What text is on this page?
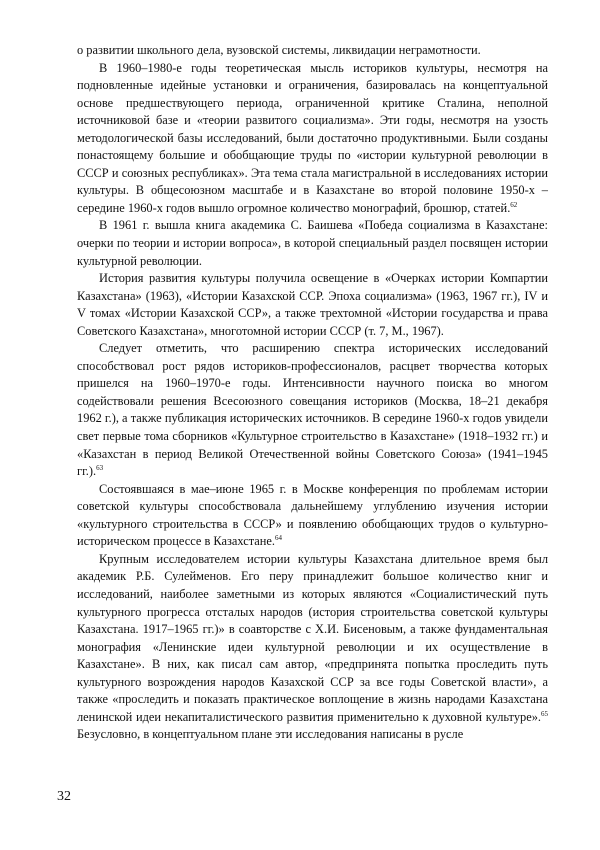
о развитии школьного дела, вузовской системы, ликвидации неграмотности.

В 1960–1980-е годы теоретическая мысль историков культуры, несмотря на подновленные идейные установки и ограничения, базировалась на концептуальной основе предшествующего периода, ограниченной критике Сталина, неполной источниковой базе и «теории развитого социализма». Эти годы, несмотря на узость методологической базы исследований, были достаточно продуктивными. Были созданы понастоящему большие и обобщающие труды по «истории культурной революции в СССР и союзных республиках». Эта тема стала магистральной в исследованиях истории культуры. В общесоюзном масштабе и в Казахстане во второй половине 1950-х – середине 1960-х годов вышло огромное количество монографий, брошюр, статей.$^{62}$

В 1961 г. вышла книга академика С. Баишева «Победа социализма в Казахстане: очерки по теории и истории вопроса», в которой специальный раздел посвящен истории культурной революции.

История развития культуры получила освещение в «Очерках истории Компартии Казахстана» (1963), «Истории Казахской ССР. Эпоха социализма» (1963, 1967 гг.), IV и V томах «Истории Казахской ССР», а также трехтомной «Истории государства и права Советского Казахстана», многотомной истории СССР (т. 7, М., 1967).

Следует отметить, что расширению спектра исторических исследований способствовал рост рядов историков-профессионалов, расцвет творчества которых пришелся на 1960–1970-е годы. Интенсивности научного поиска во многом содействовали решения Всесоюзного совещания историков (Москва, 18–21 декабря 1962 г.), а также публикация исторических источников. В середине 1960-х годов увидели свет первые тома сборников «Культурное строительство в Казахстане» (1918–1932 гг.) и «Казахстан в период Великой Отечественной войны Советского Союза» (1941–1945 гг.).$^{63}$

Состоявшаяся в мае–июне 1965 г. в Москве конференция по проблемам истории советской культуры способствовала дальнейшему углублению изучения истории «культурного строительства в СССР» и появлению обобщающих трудов о культурно-историческом процессе в Казахстане.$^{64}$

Крупным исследователем истории культуры Казахстана длительное время был академик Р.Б. Сулейменов. Его перу принадлежит большое количество книг и исследований, наиболее заметными из которых являются «Социалистический путь культурного прогресса отсталых народов (история строительства советской культуры Казахстана. 1917–1965 гг.)» в соавторстве с Х.И. Бисеновым, а также фундаментальная монография «Ленинские идеи культурной революции и их осуществление в Казахстане». В них, как писал сам автор, «предпринята попытка проследить путь культурного возрождения народов Казахской ССР за все годы Советской власти», а также «проследить и показать практическое воплощение в жизнь народами Казахстана ленинской идеи некапиталистического развития применительно к духовной культуре».$^{65}$ Безусловно, в концептуальном плане эти исследования написаны в русле

32
